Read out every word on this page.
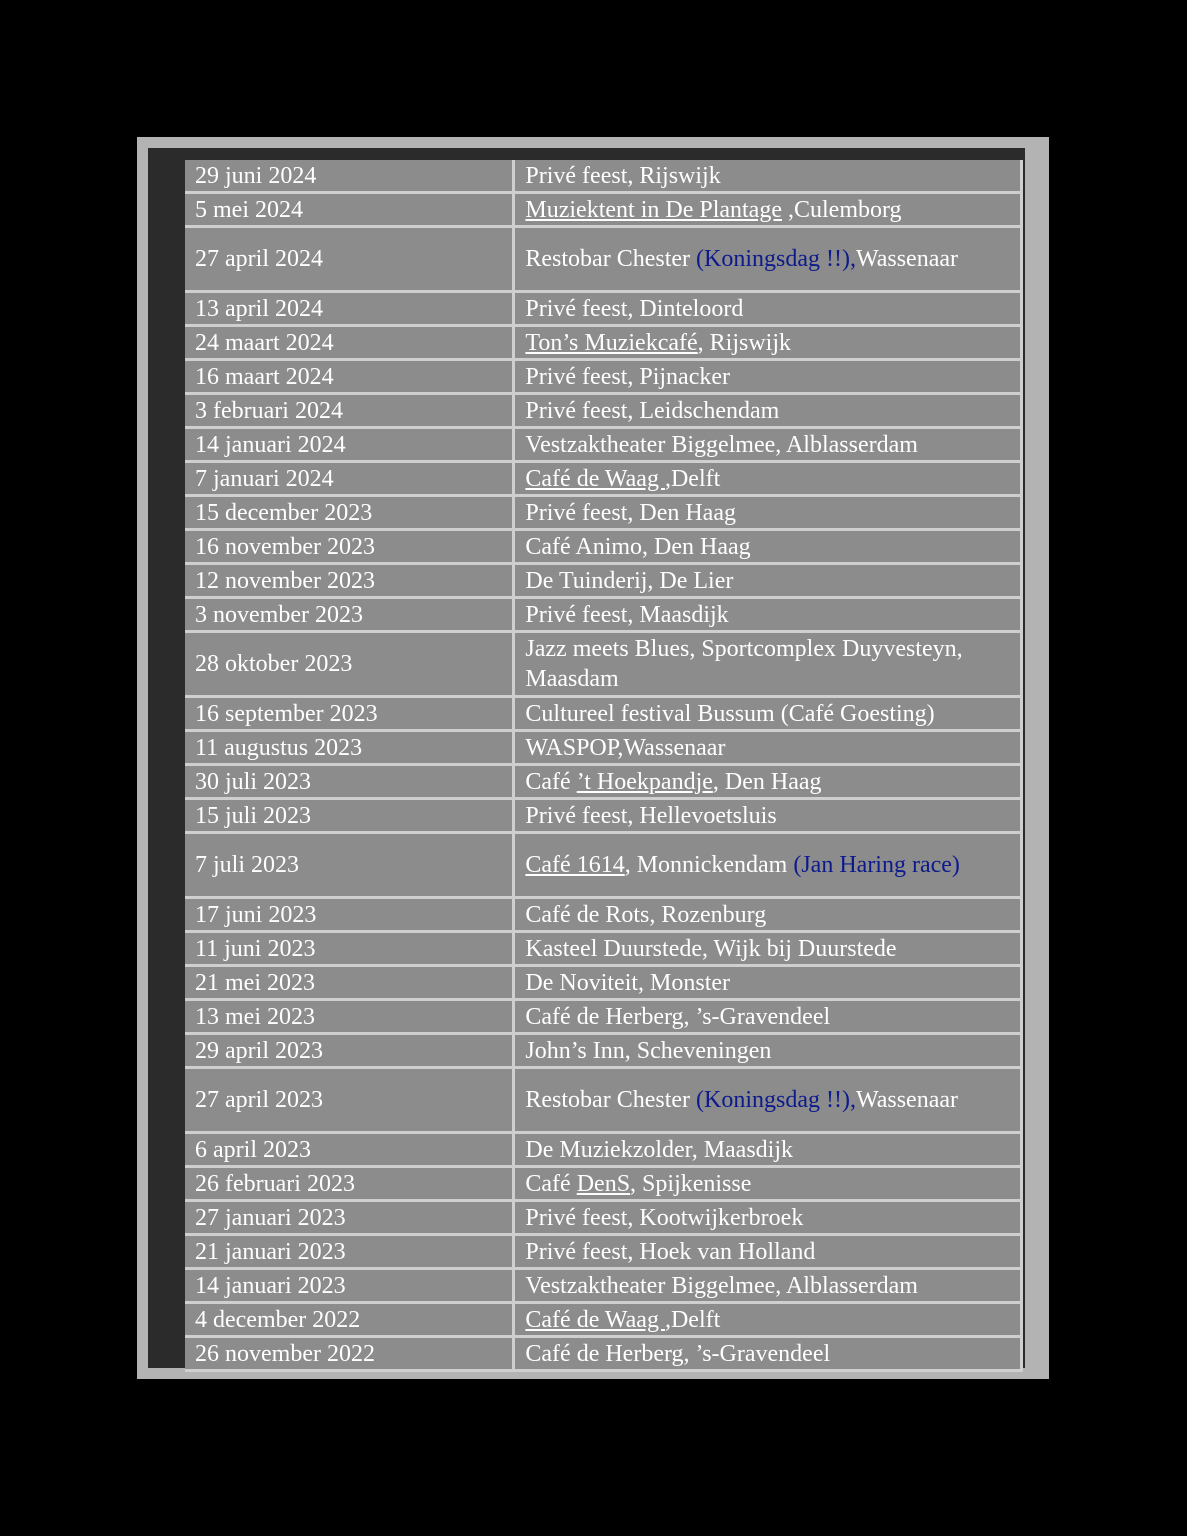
29 juni 2024	Privé feest, Rijswijk
5 mei 2024	Muziektent in De Plantage ,Culemborg
27 april 2024	Restobar Chester (Koningsdag !!),Wassenaar
13 april 2024	Privé feest, Dinteloord
24 maart 2024	Ton’s Muziekcafé, Rijswijk
16 maart 2024	Privé feest, Pijnacker
3 februari 2024	Privé feest, Leidschendam
14 januari 2024	Vestzaktheater Biggelmee, Alblasserdam
7 januari 2024	Café de Waag ,Delft
15 december 2023	Privé feest, Den Haag
16 november 2023	Café Animo, Den Haag
12 november 2023	De Tuinderij, De Lier
3 november 2023	Privé feest, Maasdijk
28 oktober 2023	Jazz meets Blues, Sportcomplex Duyvesteyn, Maasdam
16 september 2023	Cultureel festival Bussum (Café Goesting)
11 augustus 2023	WASPOP,Wassenaar
30 juli 2023	Café ’t Hoekpandje, Den Haag
15 juli 2023	Privé feest, Hellevoetsluis
7 juli 2023	Café 1614, Monnickendam (Jan Haring race)
17 juni 2023	Café de Rots, Rozenburg
11 juni 2023	Kasteel Duurstede, Wijk bij Duurstede
21 mei 2023	De Noviteit, Monster
13 mei 2023	Café de Herberg, ’s-Gravendeel
29 april 2023	John’s Inn, Scheveningen
27 april 2023	Restobar Chester (Koningsdag !!),Wassenaar
6 april 2023	De Muziekzolder, Maasdijk
26 februari 2023	Café DenS, Spijkenisse
27 januari 2023	Privé feest, Kootwijkerbroek
21 januari 2023	Privé feest, Hoek van Holland
14 januari 2023	Vestzaktheater Biggelmee, Alblasserdam
4 december 2022	Café de Waag ,Delft
26 november 2022	Café de Herberg, ’s-Gravendeel
